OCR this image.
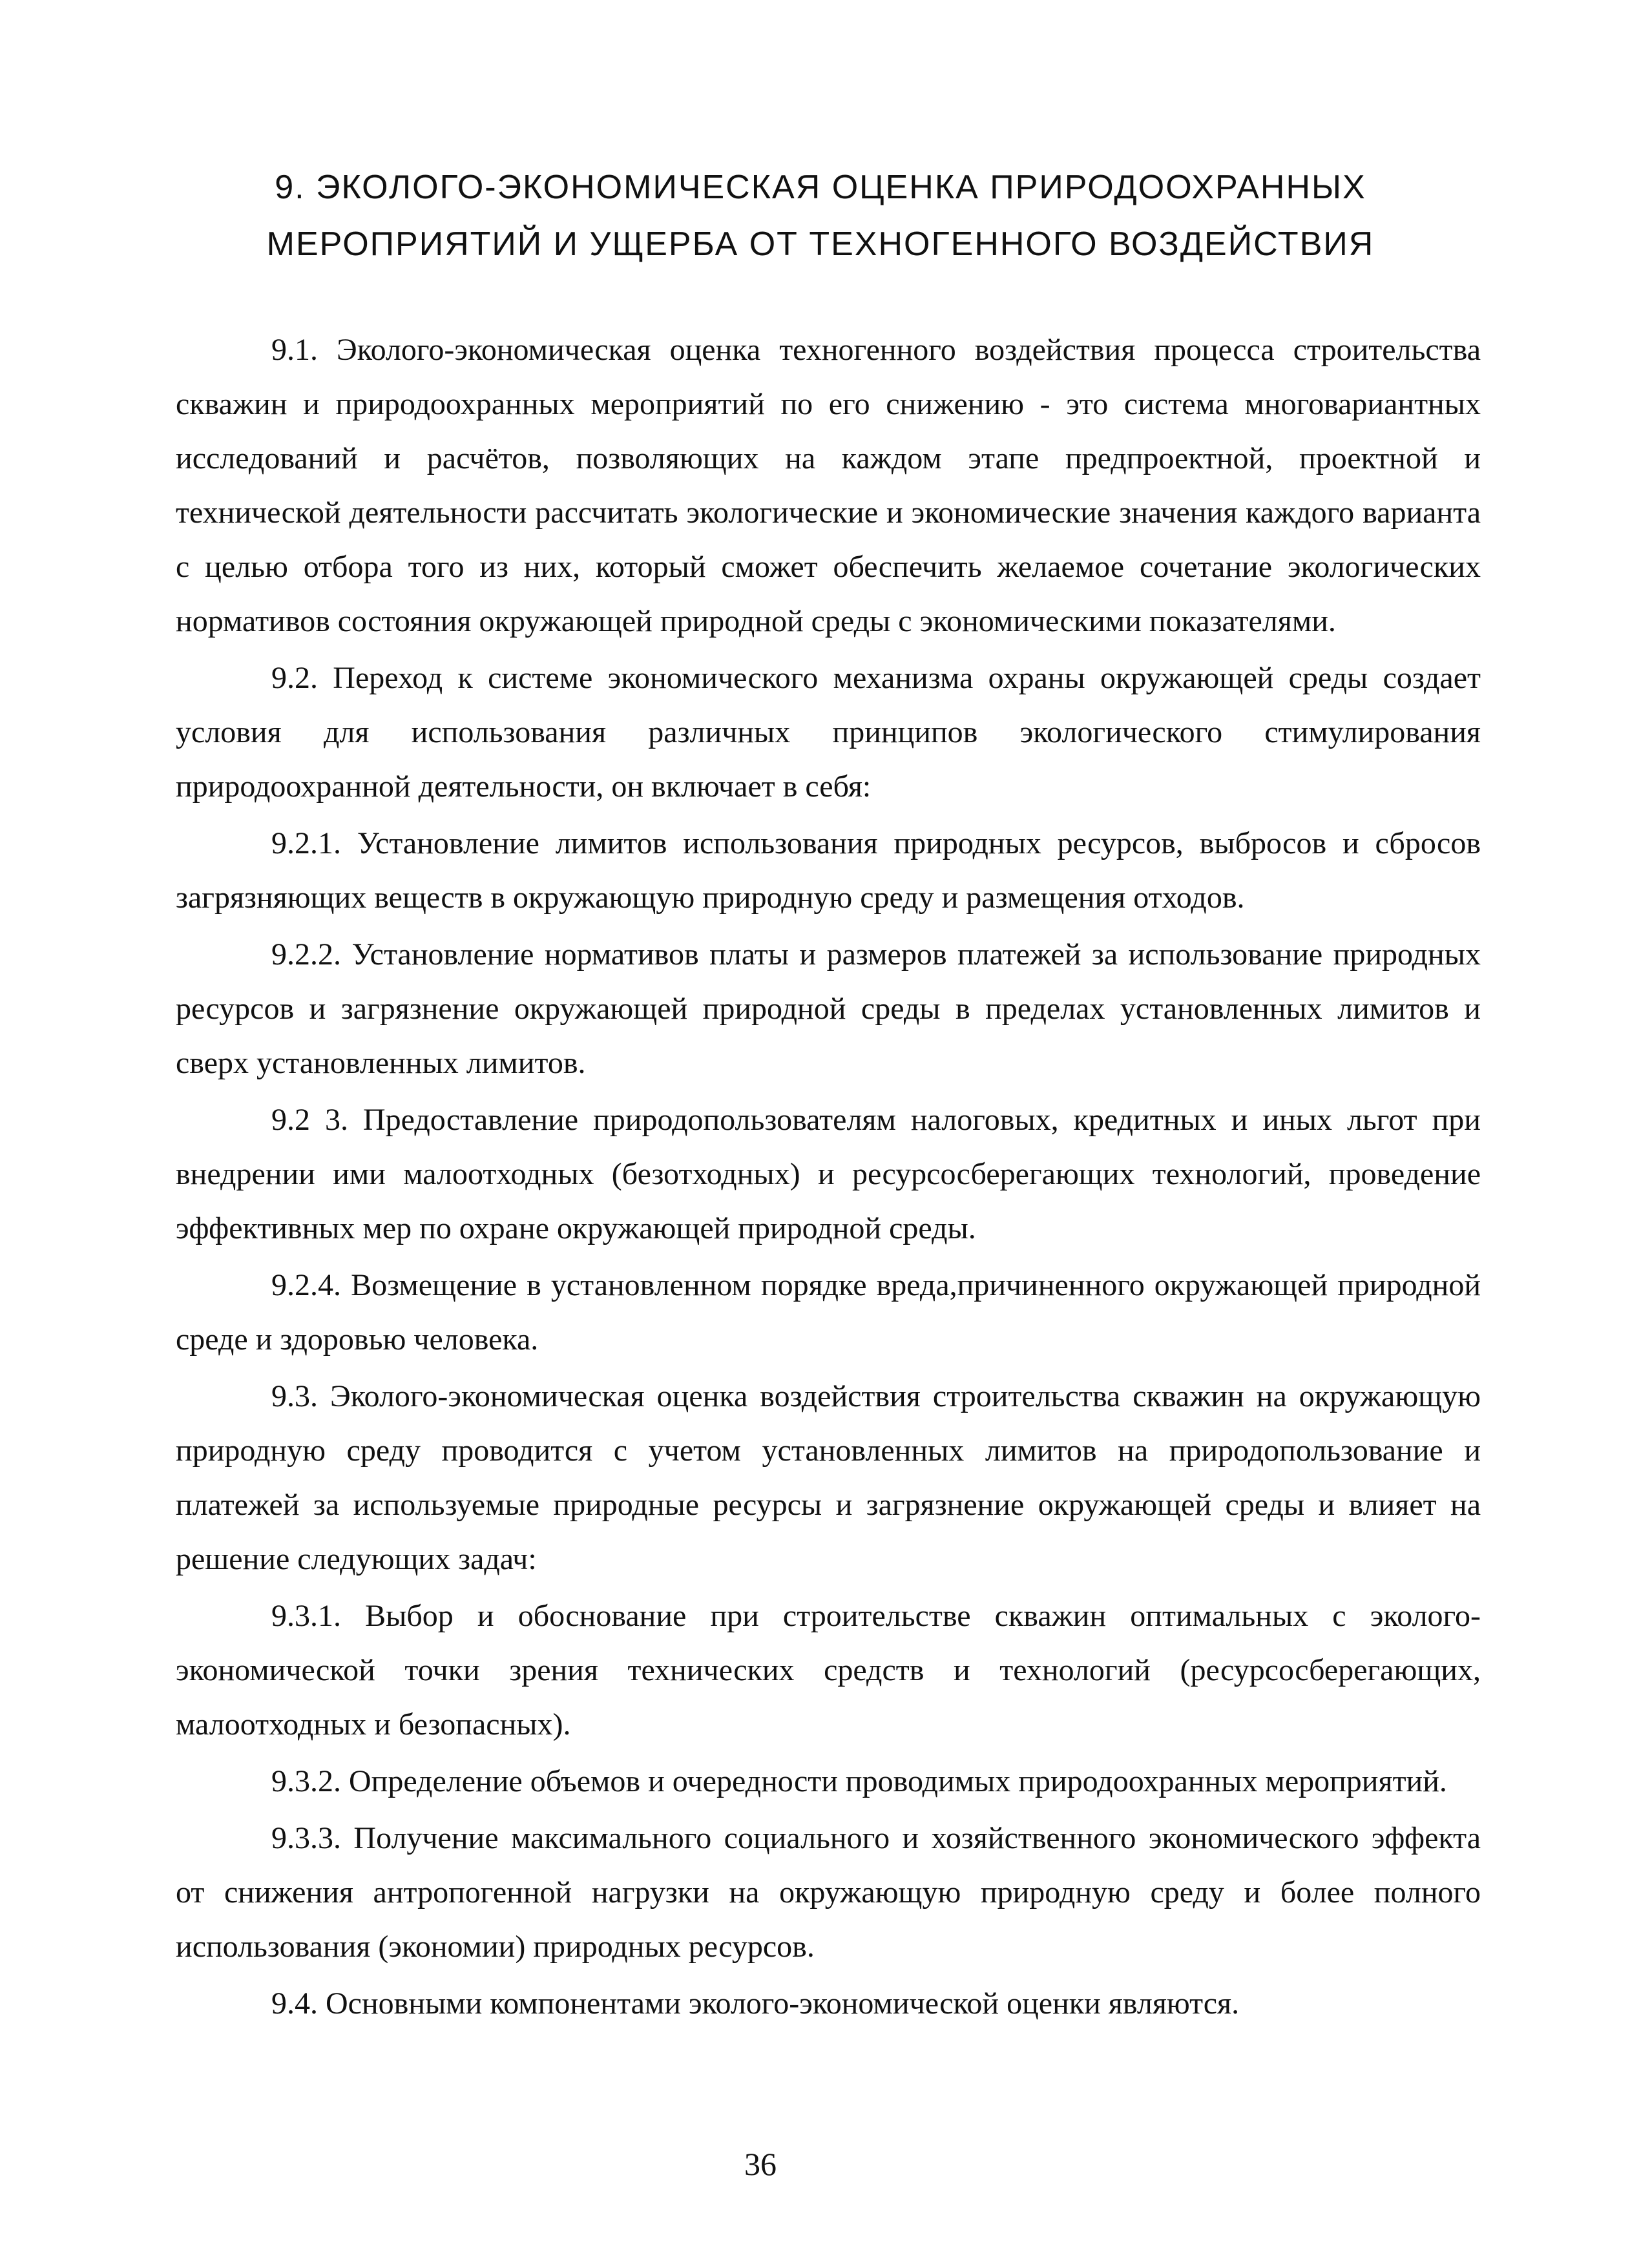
9. ЭКОЛОГО-ЭКОНОМИЧЕСКАЯ ОЦЕНКА ПРИРОДООХРАННЫХ
МЕРОПРИЯТИЙ И УЩЕРБА ОТ ТЕХНОГЕННОГО ВОЗДЕЙСТВИЯ

9.1. Эколого-экономическая оценка техногенного воздействия процесса строительства скважин и природоохранных мероприятий по его снижению - это система многовариантных исследований и расчётов, позволяющих на каждом этапе предпроектной, проектной и технической деятельности рассчитать экологические и экономические значения каждого варианта с целью отбора того из них, который сможет обеспечить желаемое сочетание экологических нормативов состояния окружающей природной среды с экономическими показателями.

9.2. Переход к системе экономического механизма охраны окружающей среды создает условия для использования различных принципов экологического стимулирования природоохранной деятельности, он включает в себя:

9.2.1. Установление лимитов использования природных ресурсов, выбросов и сбросов загрязняющих веществ в окружающую природную среду и размещения отходов.

9.2.2. Установление нормативов платы и размеров платежей за использование природных ресурсов и загрязнение окружающей природной среды в пределах установленных лимитов и сверх установленных лимитов.

9.2 3. Предоставление природопользователям налоговых, кредитных и иных льгот при внедрении ими малоотходных (безотходных) и ресурсосберегающих технологий, проведение эффективных мер по охране окружающей природной среды.

9.2.4. Возмещение в установленном порядке вреда,причиненного окружающей природной среде и здоровью человека.

9.3. Эколого-экономическая оценка воздействия строительства скважин на окружающую природную среду проводится с учетом установленных лимитов на природопользование и платежей за используемые природные ресурсы и загрязнение окружающей среды и влияет на решение следующих задач:

9.3.1. Выбор и обоснование при строительстве скважин оптимальных с эколого-экономической точки зрения технических средств и технологий (ресурсосберегающих, малоотходных и безопасных).

9.3.2. Определение объемов и очередности проводимых природоохранных мероприятий.

9.3.3. Получение максимального социального и хозяйственного экономического эффекта от снижения антропогенной нагрузки на окружающую природную среду и более полного использования (экономии) природных ресурсов.

9.4. Основными компонентами эколого-экономической оценки являются.

36
